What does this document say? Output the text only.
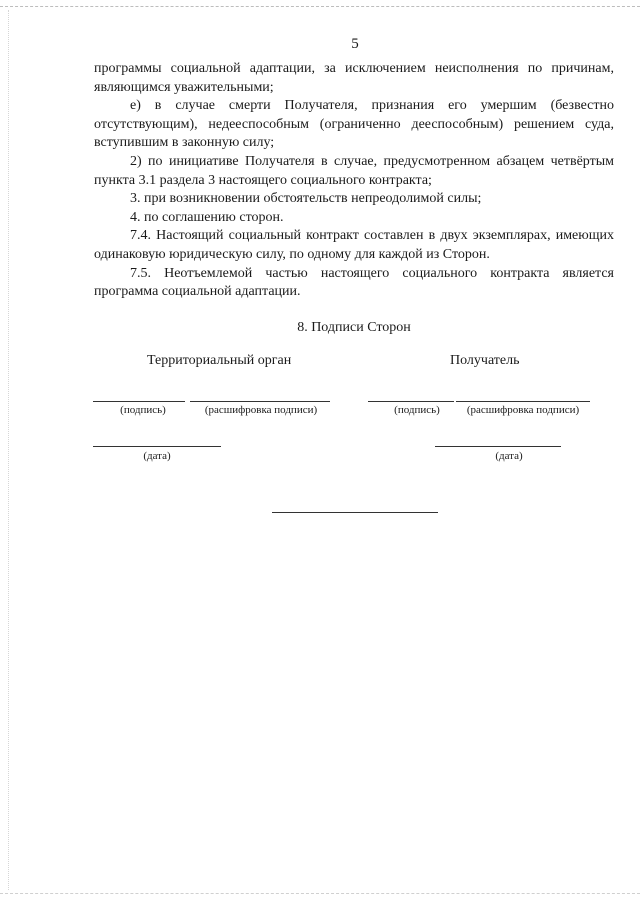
5

программы социальной адаптации, за исключением неисполнения по причинам, являющимся уважительными;

е) в случае смерти Получателя, признания его умершим (безвестно отсутствующим), недееспособным (ограниченно дееспособным) решением суда, вступившим в законную силу;

2) по инициативе Получателя в случае, предусмотренном абзацем четвёртым пункта 3.1 раздела 3 настоящего социального контракта;

3. при возникновении обстоятельств непреодолимой силы;

4. по соглашению сторон.

7.4. Настоящий социальный контракт составлен в двух экземплярах, имеющих одинаковую юридическую силу, по одному для каждой из Сторон.

7.5. Неотъемлемой частью настоящего социального контракта является программа социальной адаптации.

8. Подписи Сторон
Территориальный орган
(подпись)	(расшифровка подписи)
(дата)
Получатель
(подпись)	(расшифровка подписи)
(дата)
